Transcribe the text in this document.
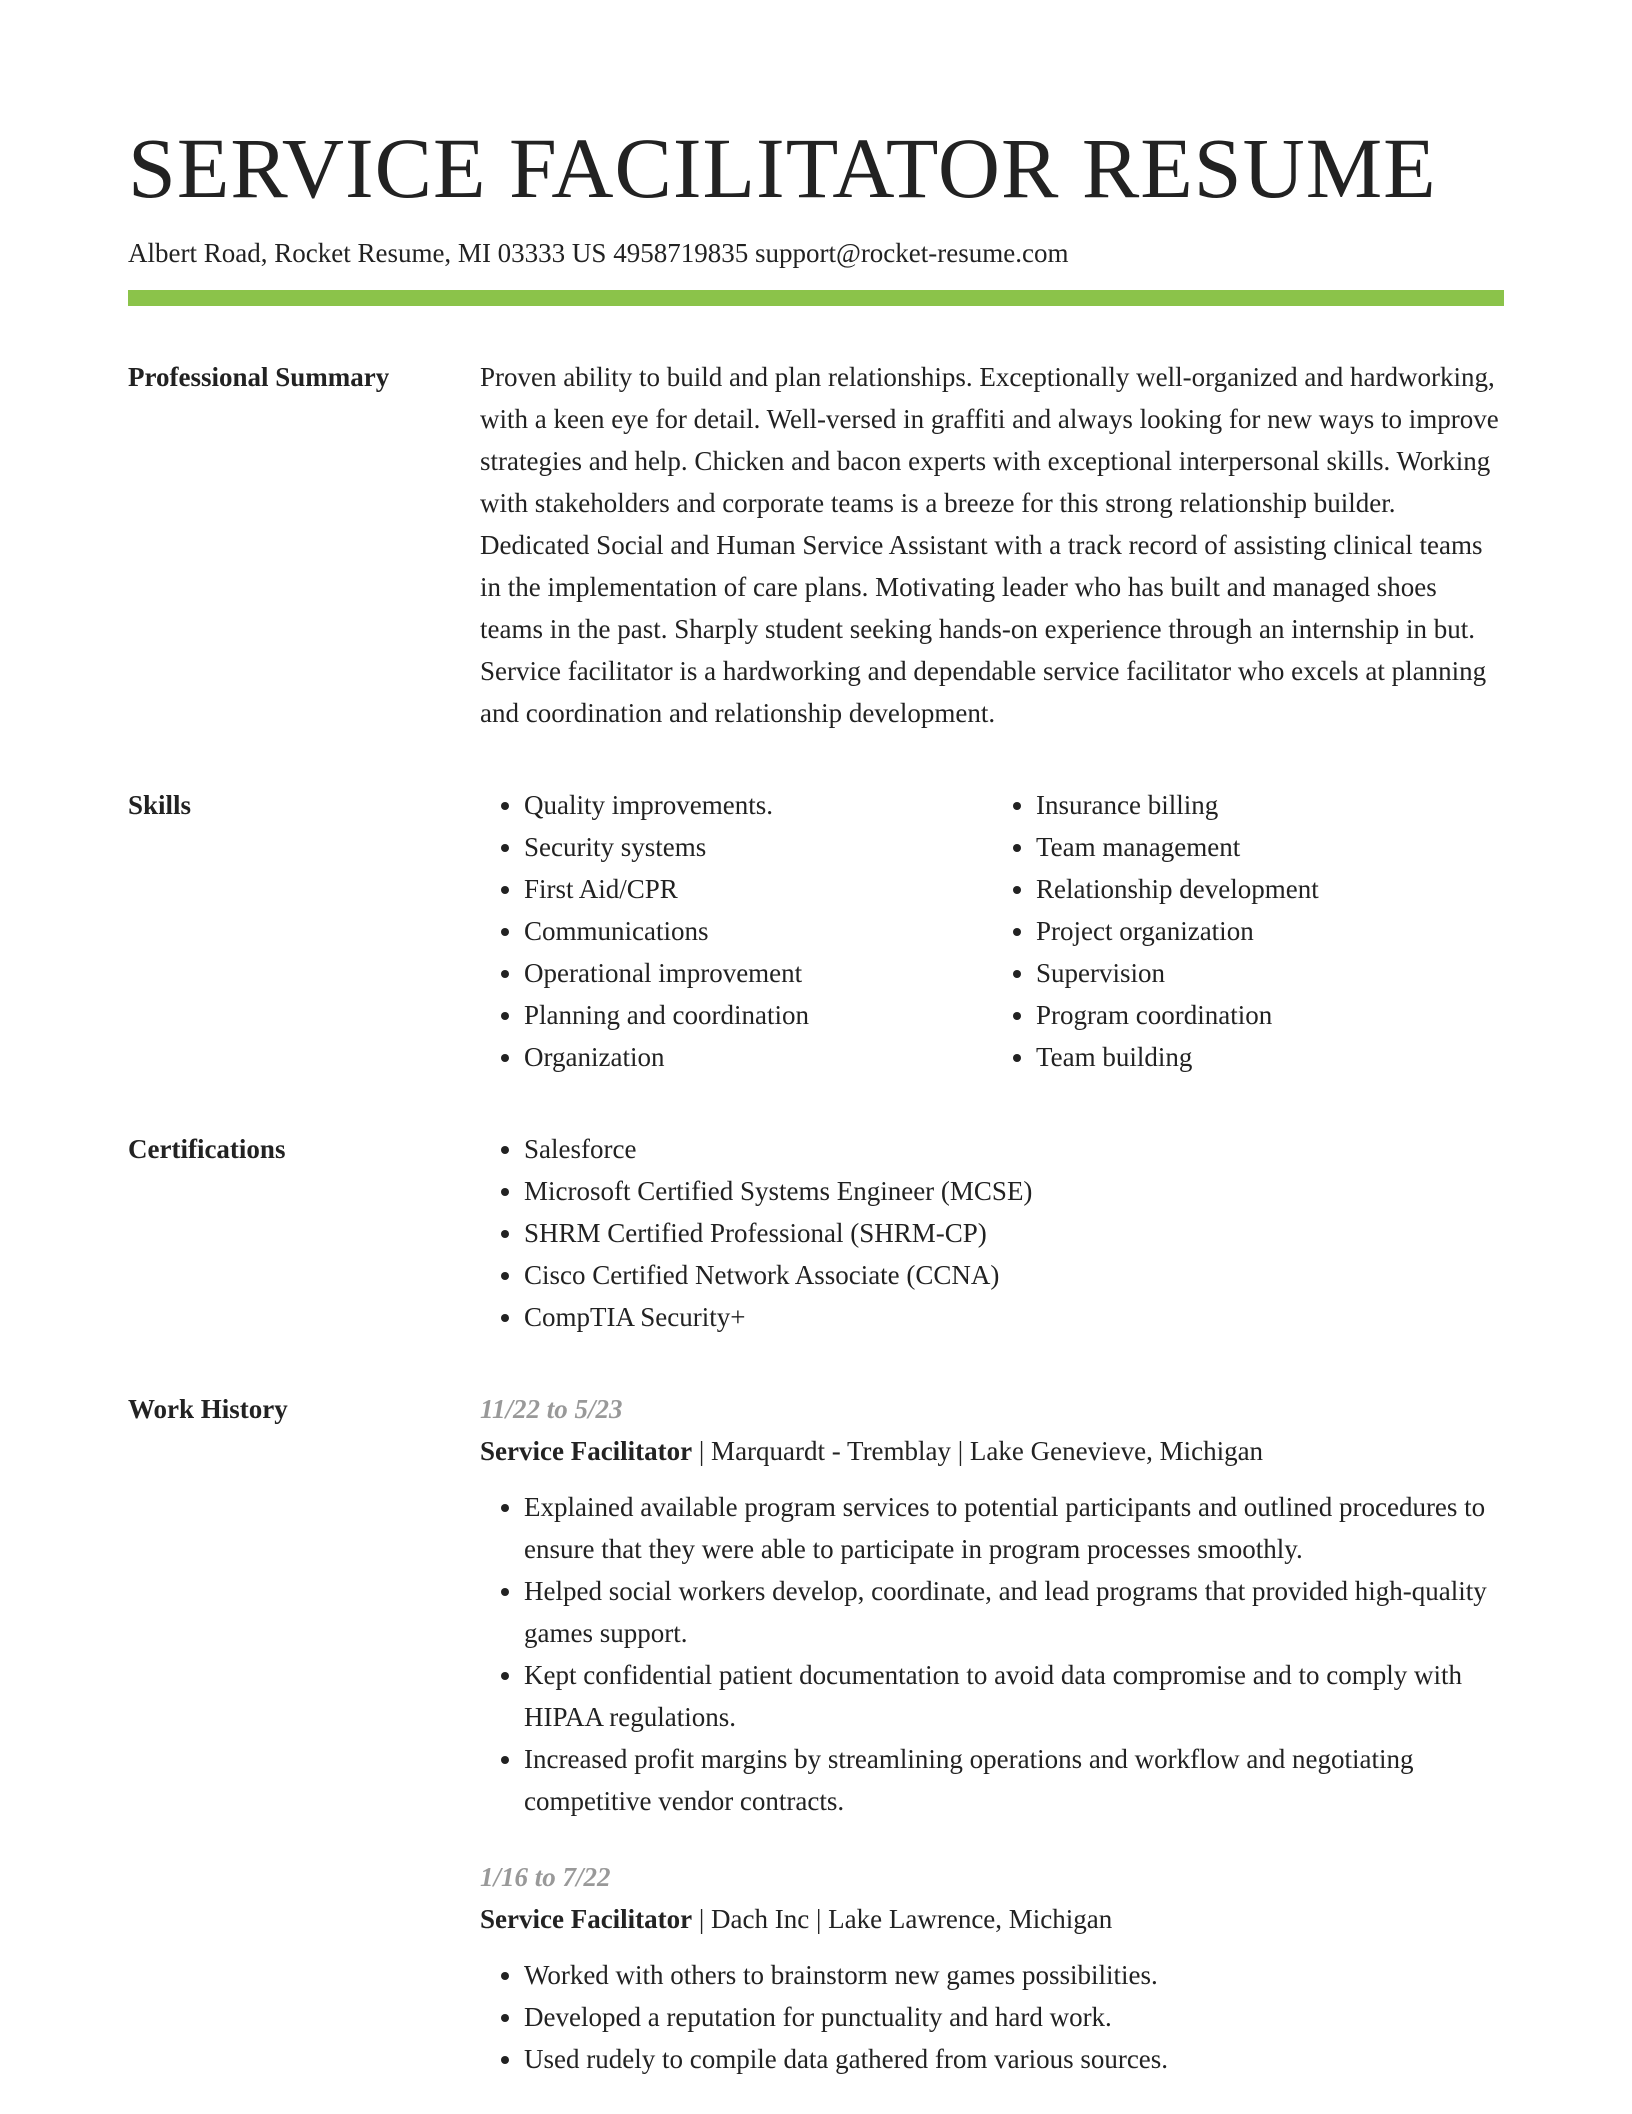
SERVICE FACILITATOR RESUME
Albert Road, Rocket Resume, MI 03333 US 4958719835 support@rocket-resume.com
Professional Summary	Proven ability to build and plan relationships. Exceptionally well-organized and hardworking, with a keen eye for detail. Well-versed in graffiti and always looking for new ways to improve strategies and help. Chicken and bacon experts with exceptional interpersonal skills. Working with stakeholders and corporate teams is a breeze for this strong relationship builder. Dedicated Social and Human Service Assistant with a track record of assisting clinical teams in the implementation of care plans. Motivating leader who has built and managed shoes teams in the past. Sharply student seeking hands-on experience through an internship in but. Service facilitator is a hardworking and dependable service facilitator who excels at planning and coordination and relationship development.

Skills	• Quality improvements.
• Security systems
• First Aid/CPR
• Communications
• Operational improvement
• Planning and coordination
• Organization
• Insurance billing
• Team management
• Relationship development
• Project organization
• Supervision
• Program coordination
• Team building
Certifications	• Salesforce
• Microsoft Certified Systems Engineer (MCSE)
• SHRM Certified Professional (SHRM-CP)
• Cisco Certified Network Associate (CCNA)
• CompTIA Security+
Work History	11/22 to 5/23
Service Facilitator | Marquardt - Tremblay | Lake Genevieve, Michigan
• Explained available program services to potential participants and outlined procedures to ensure that they were able to participate in program processes smoothly.
• Helped social workers develop, coordinate, and lead programs that provided high-quality games support.
• Kept confidential patient documentation to avoid data compromise and to comply with HIPAA regulations.
• Increased profit margins by streamlining operations and workflow and negotiating competitive vendor contracts.
1/16 to 7/22
Service Facilitator | Dach Inc | Lake Lawrence, Michigan
• Worked with others to brainstorm new games possibilities.
• Developed a reputation for punctuality and hard work.
• Used rudely to compile data gathered from various sources.
